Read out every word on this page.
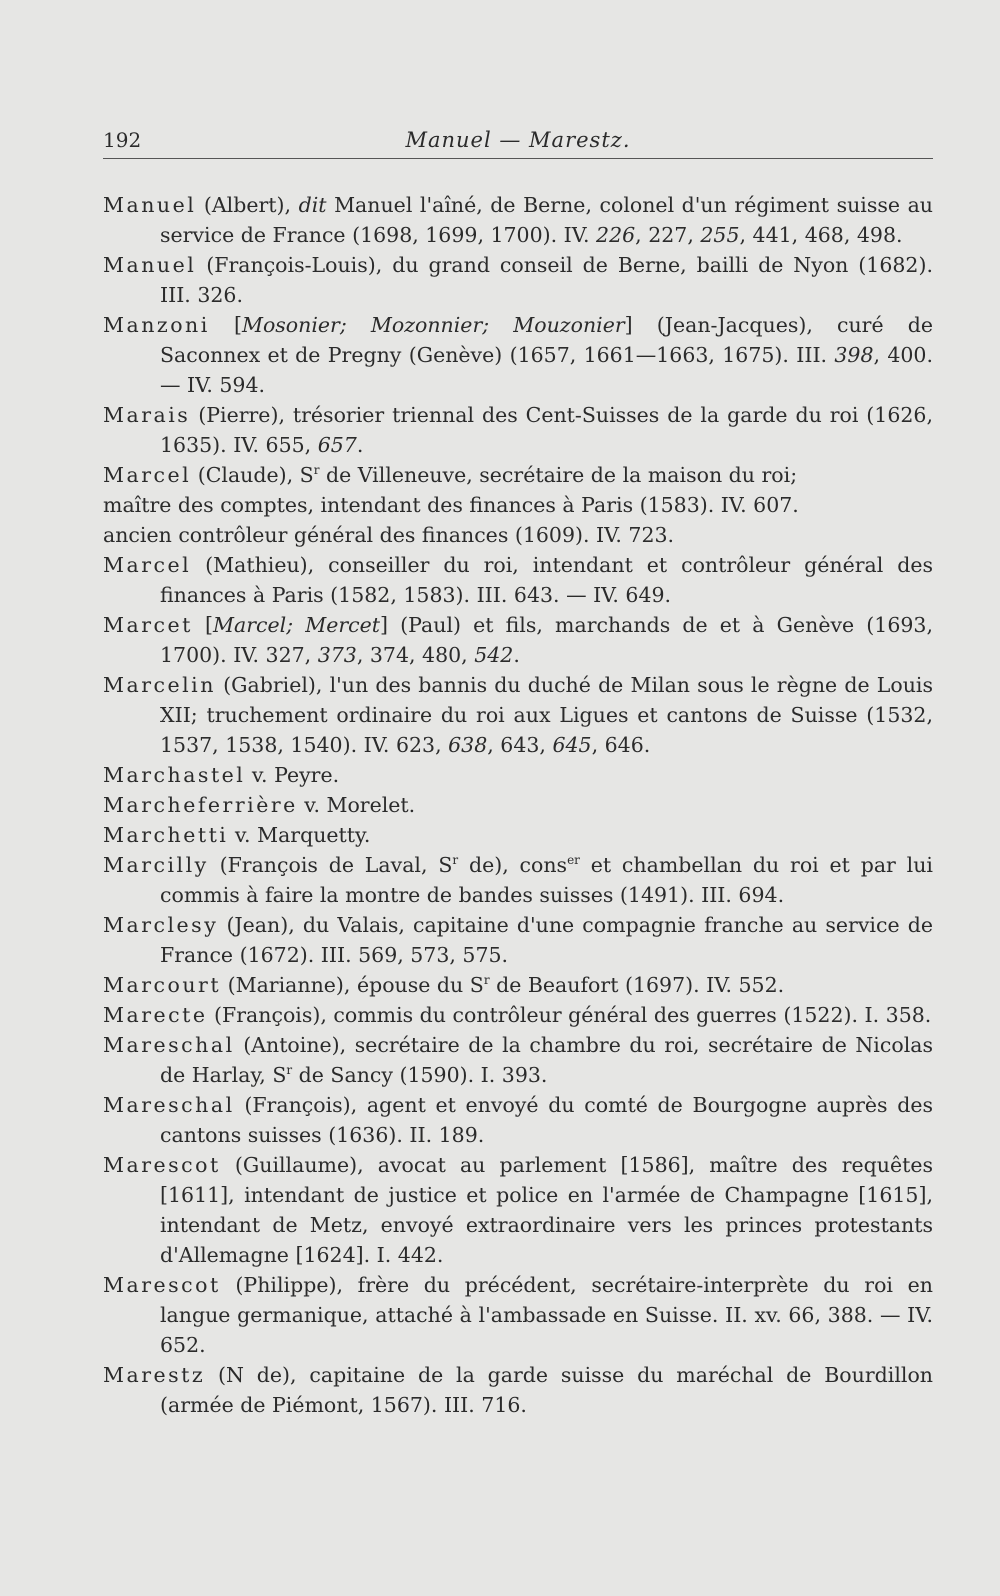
192	Manuel — Marestz.
Manuel (Albert), dit Manuel l'aîné, de Berne, colonel d'un régiment suisse au service de France (1698, 1699, 1700). IV. 226, 227, 255, 441, 468, 498.
Manuel (François-Louis), du grand conseil de Berne, bailli de Nyon (1682). III. 326.
Manzoni [Mosonier; Mozonnier; Mouzonier] (Jean-Jacques), curé de Saconnex et de Pregny (Genève) (1657, 1661—1663, 1675). III. 398, 400. — IV. 594.
Marais (Pierre), trésorier triennal des Cent-Suisses de la garde du roi (1626, 1635). IV. 655, 657.
Marcel (Claude), $S^r$ de Villeneuve, secrétaire de la maison du roi;
maître des comptes, intendant des finances à Paris (1583). IV. 607.
ancien contrôleur général des finances (1609). IV. 723.
Marcel (Mathieu), conseiller du roi, intendant et contrôleur général des finances à Paris (1582, 1583). III. 643. — IV. 649.
Marcet [Marcel; Mercet] (Paul) et fils, marchands de et à Genève (1693, 1700). IV. 327, 373, 374, 480, 542.
Marcelin (Gabriel), l'un des bannis du duché de Milan sous le règne de Louis XII; truchement ordinaire du roi aux Ligues et cantons de Suisse (1532, 1537, 1538, 1540). IV. 623, 638, 643, 645, 646.
Marchastel v. Peyre.
Marcheferrière v. Morelet.
Marchetti v. Marquetty.
Marcilly (François de Laval, $S^r$ de), cons$^{er}$ et chambellan du roi et par lui commis à faire la montre de bandes suisses (1491). III. 694.
Marclesy (Jean), du Valais, capitaine d'une compagnie franche au service de France (1672). III. 569, 573, 575.
Marcourt (Marianne), épouse du $S^r$ de Beaufort (1697). IV. 552.
Marecte (François), commis du contrôleur général des guerres (1522). I. 358.
Mareschal (Antoine), secrétaire de la chambre du roi, secrétaire de Nicolas de Harlay, $S^r$ de Sancy (1590). I. 393.
Mareschal (François), agent et envoyé du comté de Bourgogne auprès des cantons suisses (1636). II. 189.
Marescot (Guillaume), avocat au parlement [1586], maître des requêtes [1611], intendant de justice et police en l'armée de Champagne [1615], intendant de Metz, envoyé extraordinaire vers les princes protestants d'Allemagne [1624]. I. 442.
Marescot (Philippe), frère du précédent, secrétaire-interprète du roi en langue germanique, attaché à l'ambassade en Suisse. II. xv. 66, 388. — IV. 652.
Marestz (N de), capitaine de la garde suisse du maréchal de Bourdillon (armée de Piémont, 1567). III. 716.
